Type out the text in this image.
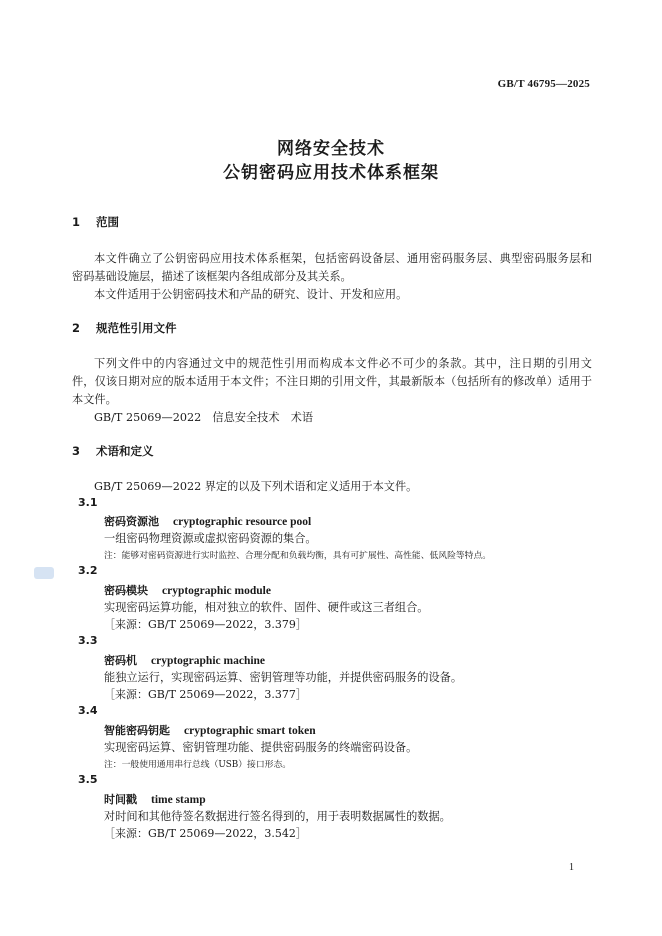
GB/T 46795—2025
网络安全技术
公钥密码应用技术体系框架
1 范围
本文件确立了公钥密码应用技术体系框架，包括密码设备层、通用密码服务层、典型密码服务层和
密码基础设施层，描述了该框架内各组成部分及其关系。
本文件适用于公钥密码技术和产品的研究、设计、开发和应用。
2 规范性引用文件
下列文件中的内容通过文中的规范性引用而构成本文件必不可少的条款。其中，注日期的引用文
件，仅该日期对应的版本适用于本文件；不注日期的引用文件，其最新版本（包括所有的修改单）适用于
本文件。
GB/T 25069—2022　信息安全技术　术语
3 术语和定义
GB/T 25069—2022 界定的以及下列术语和定义适用于本文件。
3.1
密码资源池 cryptographic resource pool
一组密码物理资源或虚拟密码资源的集合。
注：能够对密码资源进行实时监控、合理分配和负载均衡，具有可扩展性、高性能、低风险等特点。
3.2
密码模块 cryptographic module
实现密码运算功能，相对独立的软件、固件、硬件或这三者组合。
［来源：GB/T 25069—2022，3.379］
3.3
密码机 cryptographic machine
能独立运行，实现密码运算、密钥管理等功能，并提供密码服务的设备。
［来源：GB/T 25069—2022，3.377］
3.4
智能密码钥匙 cryptographic smart token
实现密码运算、密钥管理功能、提供密码服务的终端密码设备。
注：一般使用通用串行总线（USB）接口形态。
3.5
时间戳 time stamp
对时间和其他待签名数据进行签名得到的，用于表明数据属性的数据。
［来源：GB/T 25069—2022，3.542］
1
